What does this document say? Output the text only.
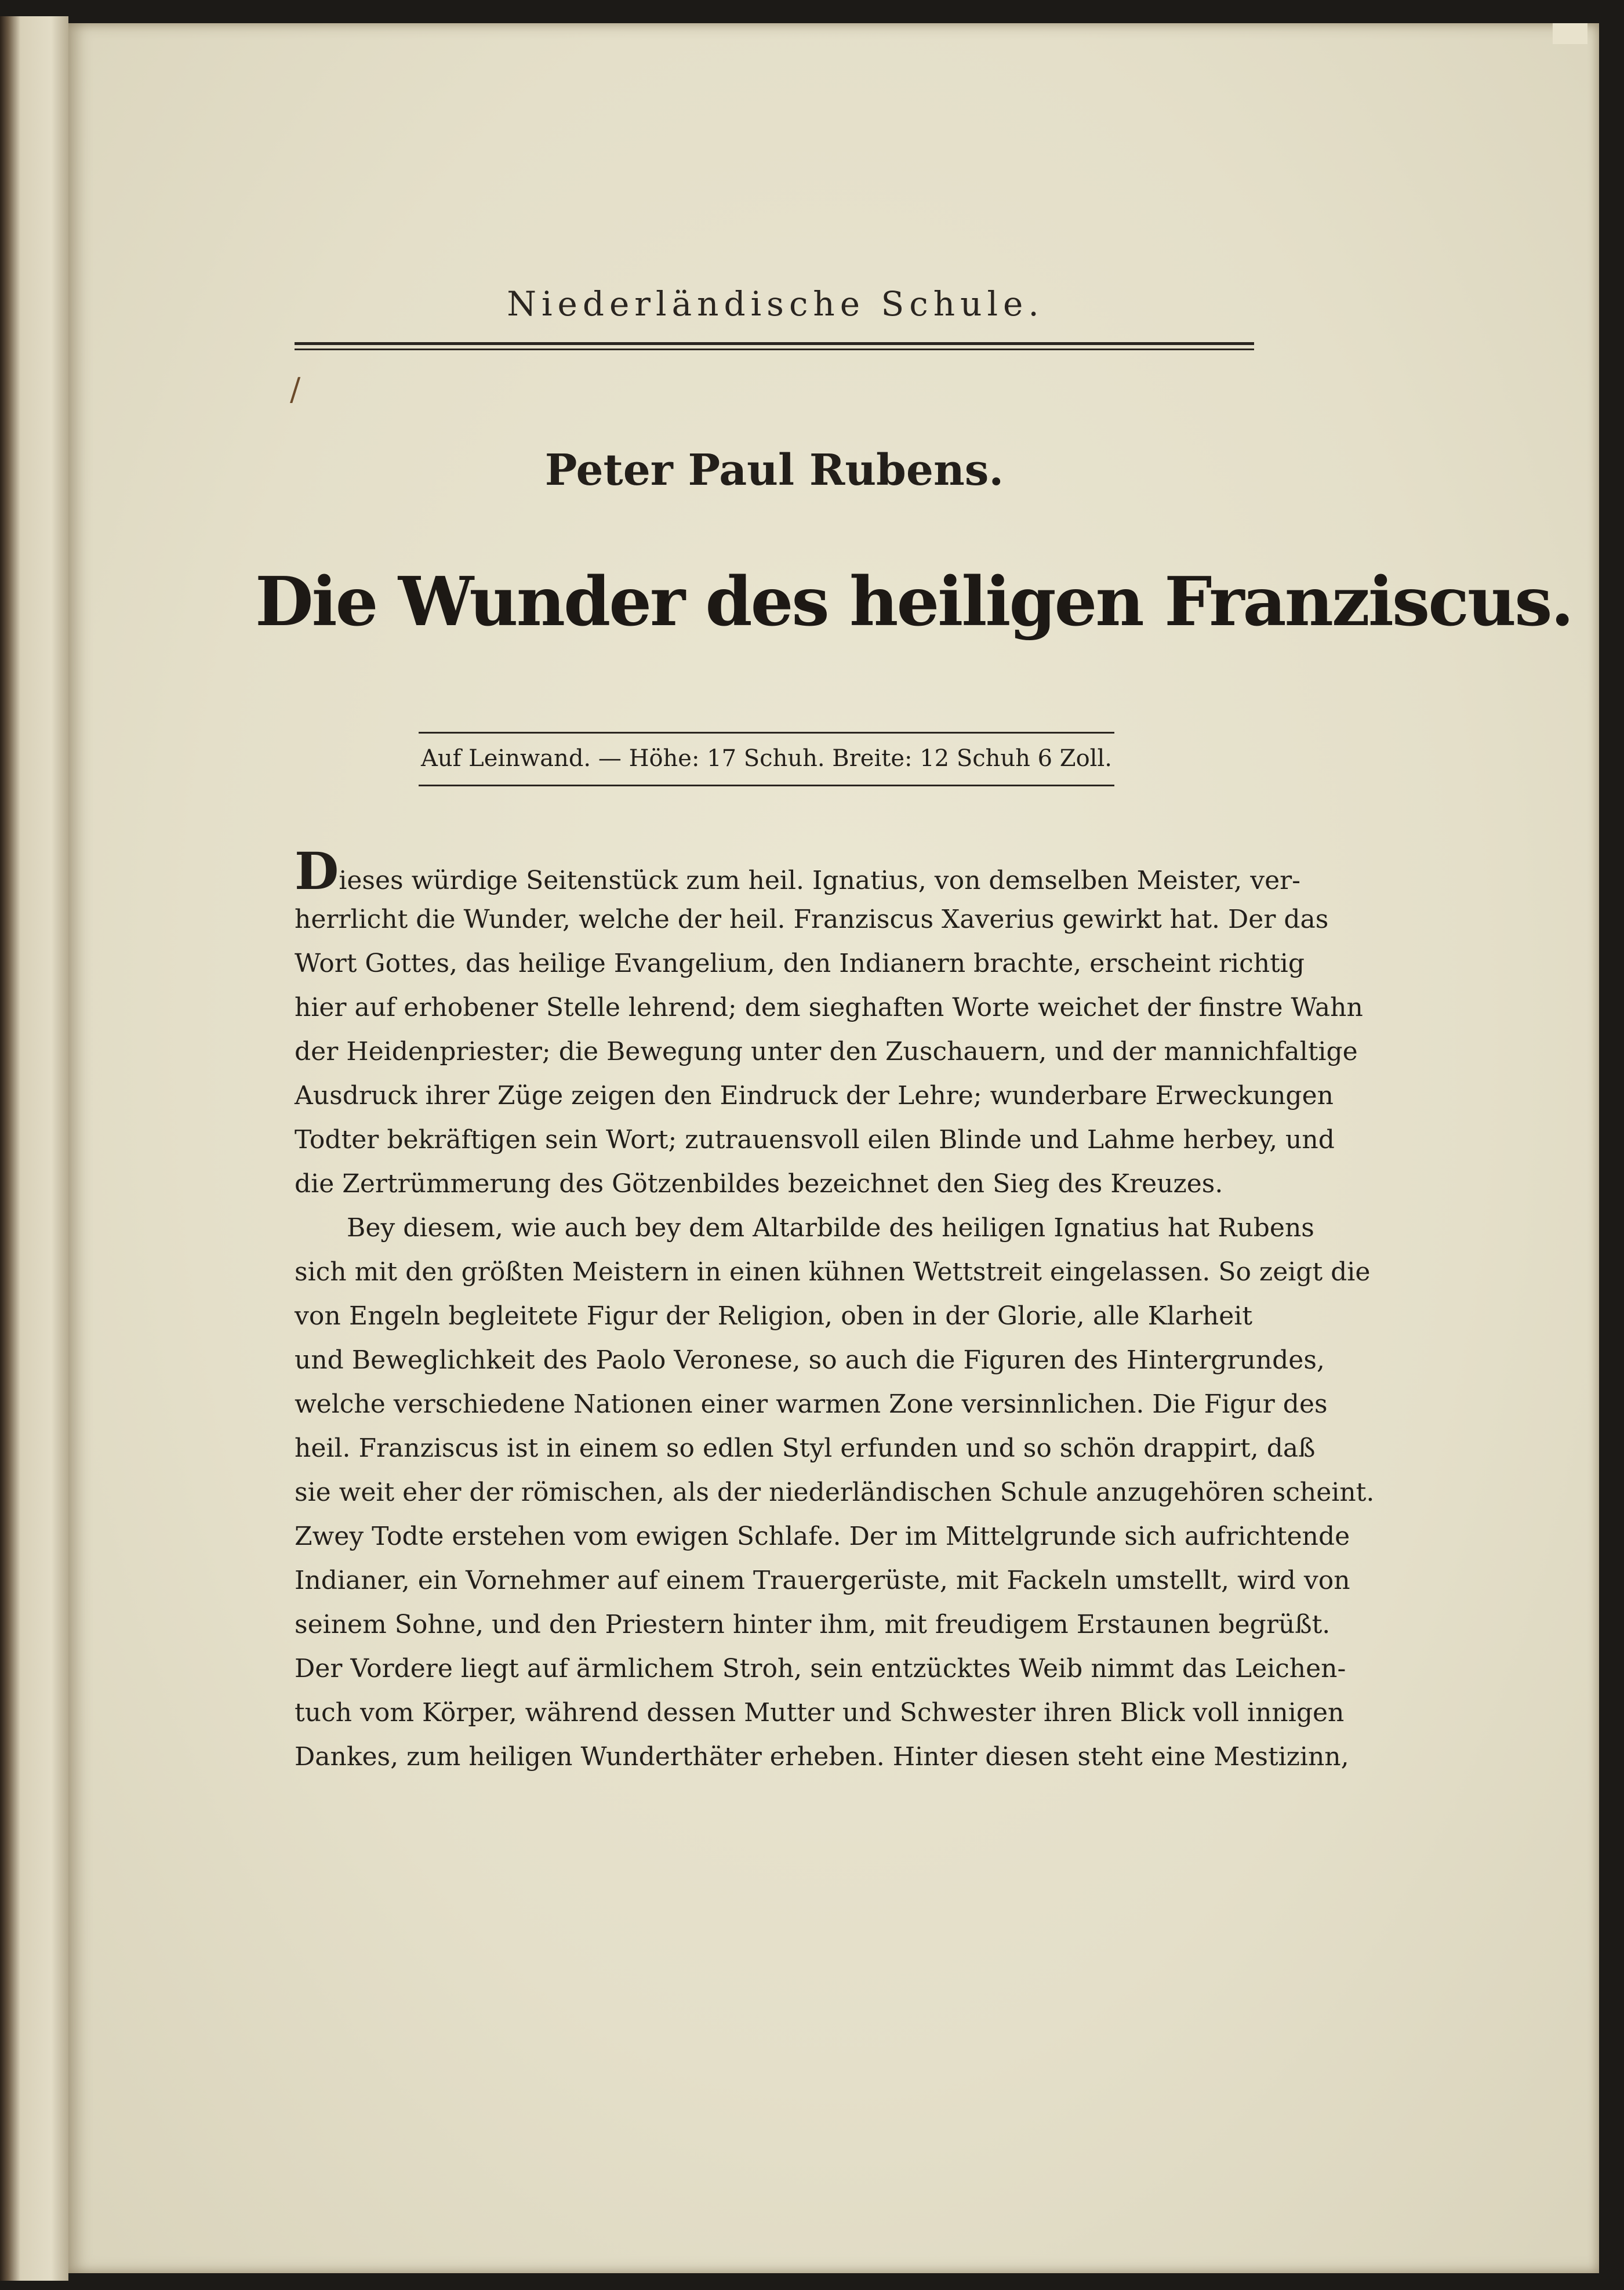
Niederländische Schule.
Peter Paul Rubens.
Die Wunder des heiligen Franziscus.
Auf Leinwand. — Höhe: 17 Schuh. Breite: 12 Schuh 6 Zoll.
/
Dieses würdige Seitenstück zum heil. Ignatius, von demselben Meister, ver-
herrlicht die Wunder, welche der heil. Franziscus Xaverius gewirkt hat. Der das
Wort Gottes, das heilige Evangelium, den Indianern brachte, erscheint richtig
hier auf erhobener Stelle lehrend; dem sieghaften Worte weichet der finstre Wahn
der Heidenpriester; die Bewegung unter den Zuschauern, und der mannichfaltige
Ausdruck ihrer Züge zeigen den Eindruck der Lehre; wunderbare Erweckungen
Todter bekräftigen sein Wort; zutrauensvoll eilen Blinde und Lahme herbey, und
die Zertrümmerung des Götzenbildes bezeichnet den Sieg des Kreuzes.
Bey diesem, wie auch bey dem Altarbilde des heiligen Ignatius hat Rubens
sich mit den größten Meistern in einen kühnen Wettstreit eingelassen. So zeigt die
von Engeln begleitete Figur der Religion, oben in der Glorie, alle Klarheit
und Beweglichkeit des Paolo Veronese, so auch die Figuren des Hintergrundes,
welche verschiedene Nationen einer warmen Zone versinnlichen. Die Figur des
heil. Franziscus ist in einem so edlen Styl erfunden und so schön drappirt, daß
sie weit eher der römischen, als der niederländischen Schule anzugehören scheint.
Zwey Todte erstehen vom ewigen Schlafe. Der im Mittelgrunde sich aufrichtende
Indianer, ein Vornehmer auf einem Trauergerüste, mit Fackeln umstellt, wird von
seinem Sohne, und den Priestern hinter ihm, mit freudigem Erstaunen begrüßt.
Der Vordere liegt auf ärmlichem Stroh, sein entzücktes Weib nimmt das Leichen-
tuch vom Körper, während dessen Mutter und Schwester ihren Blick voll innigen
Dankes, zum heiligen Wunderthäter erheben. Hinter diesen steht eine Mestizinn,
